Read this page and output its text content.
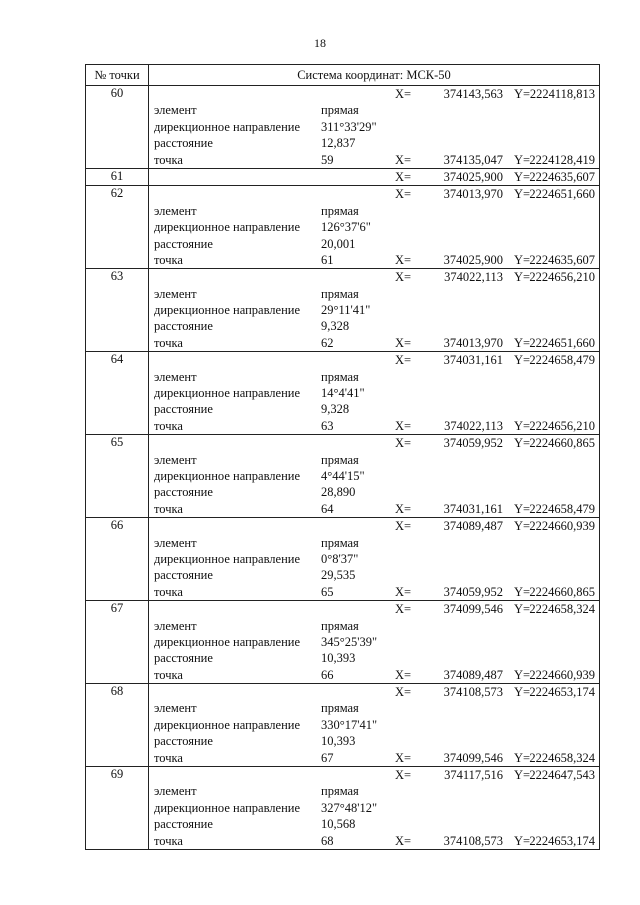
18
№ точки	Система координат: МСК-50
60	X=	374143,563 Y= 2224118,813
элемент	прямая
дирекционное направление 311°33'29"
расстояние	12,837
точка	59	X=	374135,047 Y= 2224128,419
61	X=	374025,900 Y= 2224635,607
62	X=	374013,970 Y= 2224651,660
элемент	прямая
дирекционное направление 126°37'6"
расстояние	20,001
точка	61	X=	374025,900 Y= 2224635,607
63	X=	374022,113 Y= 2224656,210
элемент	прямая
дирекционное направление 29°11'41"
расстояние	9,328
точка	62	X=	374013,970 Y= 2224651,660
64	X=	374031,161 Y= 2224658,479
элемент	прямая
дирекционное направление 14°4'41"
расстояние	9,328
точка	63	X=	374022,113 Y= 2224656,210
65	X=	374059,952 Y= 2224660,865
элемент	прямая
дирекционное направление 4°44'15"
расстояние	28,890
точка	64	X=	374031,161 Y= 2224658,479
66	X=	374089,487 Y= 2224660,939
элемент	прямая
дирекционное направление 0°8'37"
расстояние	29,535
точка	65	X=	374059,952 Y= 2224660,865
67	X=	374099,546 Y= 2224658,324
элемент	прямая
дирекционное направление 345°25'39"
расстояние	10,393
точка	66	X=	374089,487 Y= 2224660,939
68	X=	374108,573 Y= 2224653,174
элемент	прямая
дирекционное направление 330°17'41"
расстояние	10,393
точка	67	X=	374099,546 Y= 2224658,324
69	X=	374117,516 Y= 2224647,543
элемент	прямая
дирекционное направление 327°48'12"
расстояние	10,568
точка	68	X=	374108,573 Y= 2224653,174
